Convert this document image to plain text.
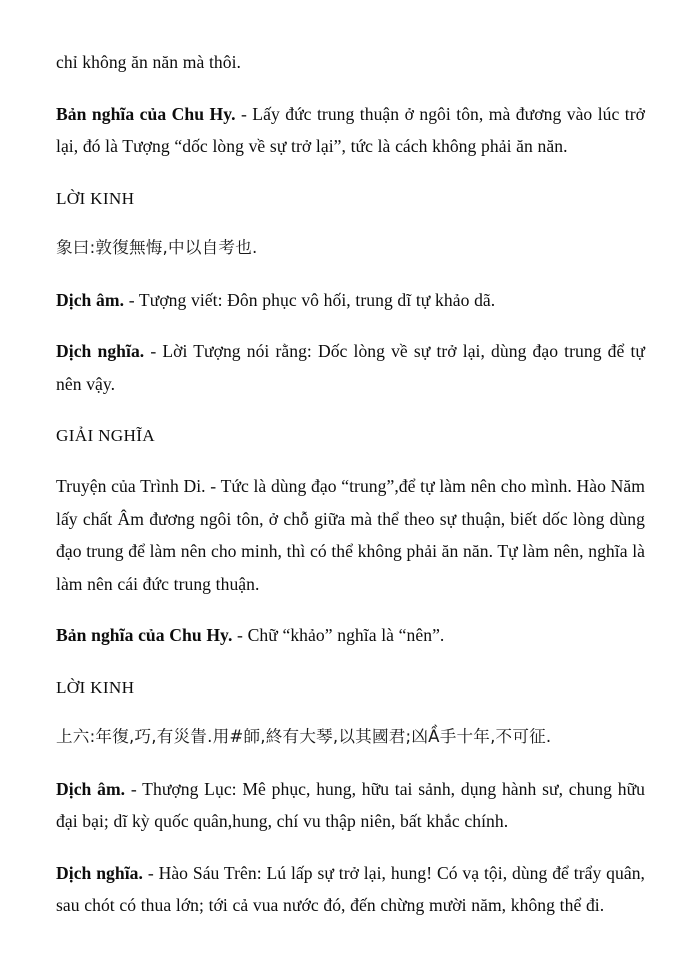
chỉ không ăn năn mà thôi.

Bản nghĩa của Chu Hy. - Lấy đức trung thuận ở ngôi tôn, mà đương vào lúc trở lại, đó là Tượng “dốc lòng về sự trở lại”, tức là cách không phải ăn năn.

LỜI KINH

象曰:敦復無悔,中以自考也.

Dịch âm. - Tượng viết: Đôn phục vô hối, trung dĩ tự khảo dã.

Dịch nghĩa. - Lời Tượng nói rằng: Dốc lòng về sự trở lại, dùng đạo trung để tự nên vậy.

GIẢI NGHĨA

Truyện của Trình Di. - Tức là dùng đạo “trung”,để tự làm nên cho mình. Hào Năm lấy chất Âm đương ngôi tôn, ở chỗ giữa mà thể theo sự thuận, biết dốc lòng dùng đạo trung để làm nên cho minh, thì có thể không phải ăn năn. Tự làm nên, nghĩa là làm nên cái đức trung thuận.

Bản nghĩa của Chu Hy. - Chữ “khảo” nghĩa là “nên”.

LỜI KINH

上六:年復,巧,有災眚.用#師,終有大琴,以其國君;凶Ầ手十年,不可征.

Dịch âm. - Thượng Lục: Mê phục, hung, hữu tai sảnh, dụng hành sư, chung hữu đại bại; dĩ kỳ quốc quân,hung, chí vu thập niên, bất khắc chính.

Dịch nghĩa. - Hào Sáu Trên: Lú lấp sự trở lại, hung! Có vạ tội, dùng để trẩy quân, sau chót có thua lớn; tới cả vua nước đó, đến chừng mười năm, không thể đi.
